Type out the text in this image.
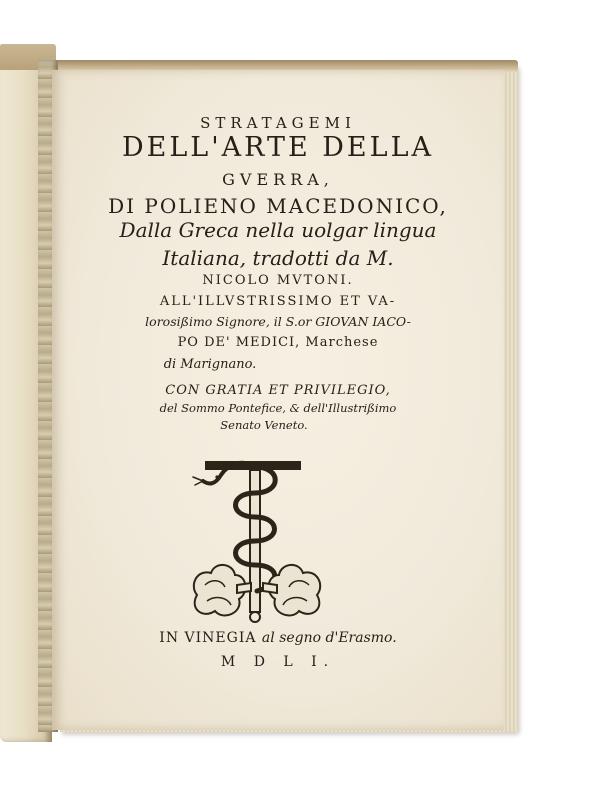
STRATAGEMI
DELL'ARTE DELLA
GVERRA,
DI POLIENO MACEDONICO,
Dalla Greca nella uolgar lingua
Italiana, tradotti da M.
NICOLO MVTONI.
ALL'ILLVSTRISSIMO ET VA-
lorosißimo Signore, il S.or GIOVAN IACO-
PO DE' MEDICI, Marchese
di Marignano.
CON GRATIA ET PRIVILEGIO,
del Sommo Pontefice, & dell'Illustrißimo
Senato Veneto.
IN VINEGIA al segno d'Erasmo.
M D L I.
